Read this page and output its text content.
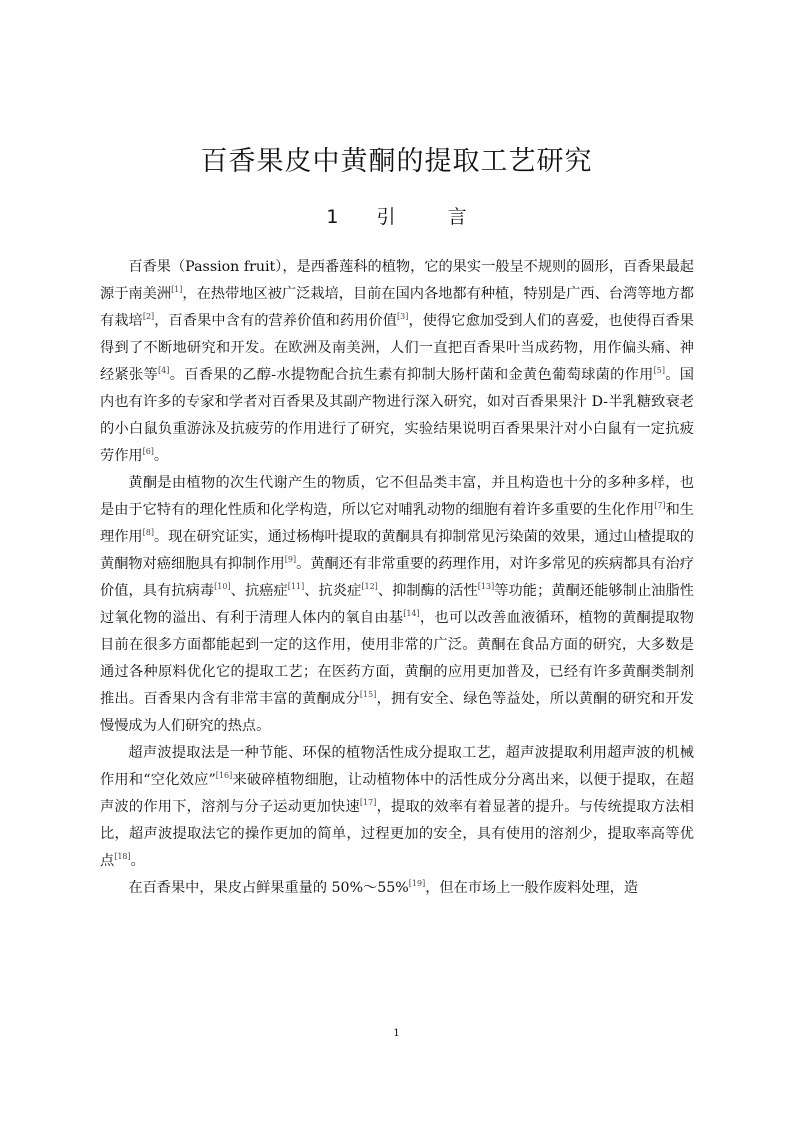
百香果皮中黄酮的提取工艺研究
1 引	言

百香果（Passion fruit），是西番莲科的植物，它的果实一般呈不规则的圆形，百香果最起源于南美洲[1]，在热带地区被广泛栽培，目前在国内各地都有种植，特别是广西、台湾等地方都有栽培[2]，百香果中含有的营养价值和药用价值[3]，使得它愈加受到人们的喜爱，也使得百香果得到了不断地研究和开发。在欧洲及南美洲，人们一直把百香果叶当成药物，用作偏头痛、神经紧张等[4]。百香果的乙醇-水提物配合抗生素有抑制大肠杆菌和金黄色葡萄球菌的作用[5]。国内也有许多的专家和学者对百香果及其副产物进行深入研究，如对百香果果汁 D-半乳糖致衰老的小白鼠负重游泳及抗疲劳的作用进行了研究，实验结果说明百香果果汁对小白鼠有一定抗疲劳作用[6]。

黄酮是由植物的次生代谢产生的物质，它不但品类丰富，并且构造也十分的多种多样，也是由于它特有的理化性质和化学构造，所以它对哺乳动物的细胞有着许多重要的生化作用[7]和生理作用[8]。现在研究证实，通过杨梅叶提取的黄酮具有抑制常见污染菌的效果，通过山楂提取的黄酮物对癌细胞具有抑制作用[9]。黄酮还有非常重要的药理作用，对许多常见的疾病都具有治疗价值，具有抗病毒[10]、抗癌症[11]、抗炎症[12]、抑制酶的活性[13]等功能；黄酮还能够制止油脂性过氧化物的溢出、有利于清理人体内的氧自由基[14]，也可以改善血液循环，植物的黄酮提取物目前在很多方面都能起到一定的这作用，使用非常的广泛。黄酮在食品方面的研究，大多数是通过各种原料优化它的提取工艺；在医药方面，黄酮的应用更加普及，已经有许多黄酮类制剂推出。百香果内含有非常丰富的黄酮成分[15]，拥有安全、绿色等益处，所以黄酮的研究和开发慢慢成为人们研究的热点。

超声波提取法是一种节能、环保的植物活性成分提取工艺，超声波提取利用超声波的机械作用和“空化效应”[16]来破碎植物细胞，让动植物体中的活性成分分离出来，以便于提取，在超声波的作用下，溶剂与分子运动更加快速[17]，提取的效率有着显著的提升。与传统提取方法相比，超声波提取法它的操作更加的简单，过程更加的安全，具有使用的溶剂少，提取率高等优点[18]。

在百香果中，果皮占鲜果重量的 50%～55%[19]，但在市场上一般作废料处理，造

1
